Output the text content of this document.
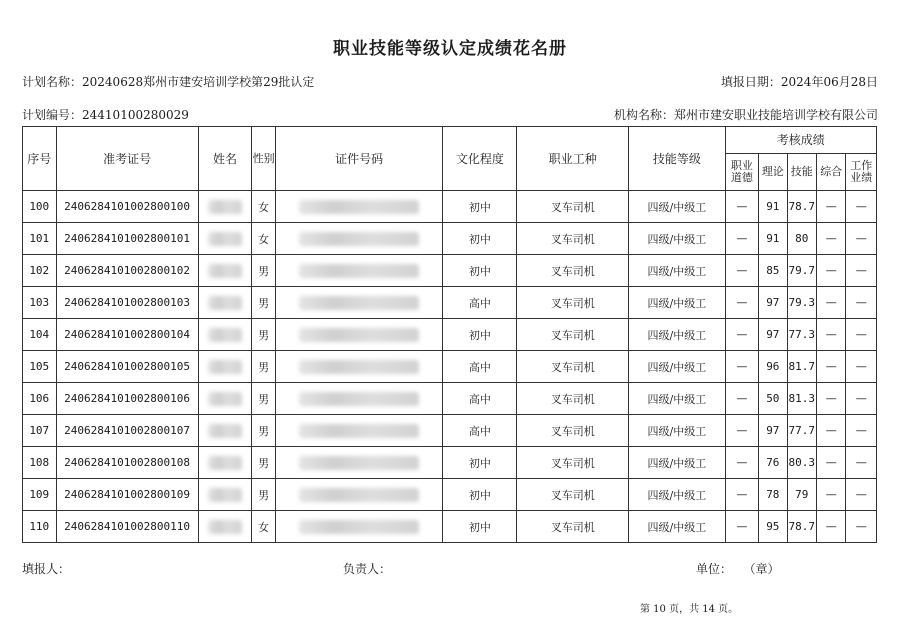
职业技能等级认定成绩花名册
计划名称：20240628郑州市建安培训学校第29批认定	填报日期：2024年06月28日
计划编号：24410100280029	机构名称：郑州市建安职业技能培训学校有限公司
序号	准考证号	姓名	性别	证件号码	文化程度	职业工种	技能等级	考核成绩				
								职业道德	理论	技能	综合	工作业绩
100	2406284101002800100		女		初中	叉车司机	四级/中级工	—	91	78.7	—	—
101	2406284101002800101		女		初中	叉车司机	四级/中级工	—	91	80	—	—
102	2406284101002800102		男		初中	叉车司机	四级/中级工	—	85	79.7	—	—
103	2406284101002800103		男		高中	叉车司机	四级/中级工	—	97	79.3	—	—
104	2406284101002800104		男		初中	叉车司机	四级/中级工	—	97	77.3	—	—
105	2406284101002800105		男		高中	叉车司机	四级/中级工	—	96	81.7	—	—
106	2406284101002800106		男		高中	叉车司机	四级/中级工	—	50	81.3	—	—
107	2406284101002800107		男		高中	叉车司机	四级/中级工	—	97	77.7	—	—
108	2406284101002800108		男		初中	叉车司机	四级/中级工	—	76	80.3	—	—
109	2406284101002800109		男		初中	叉车司机	四级/中级工	—	78	79	—	—
110	2406284101002800110		女		初中	叉车司机	四级/中级工	—	95	78.7	—	—
填报人：	负责人：	单位： （章）
第 10 页，共 14 页。
